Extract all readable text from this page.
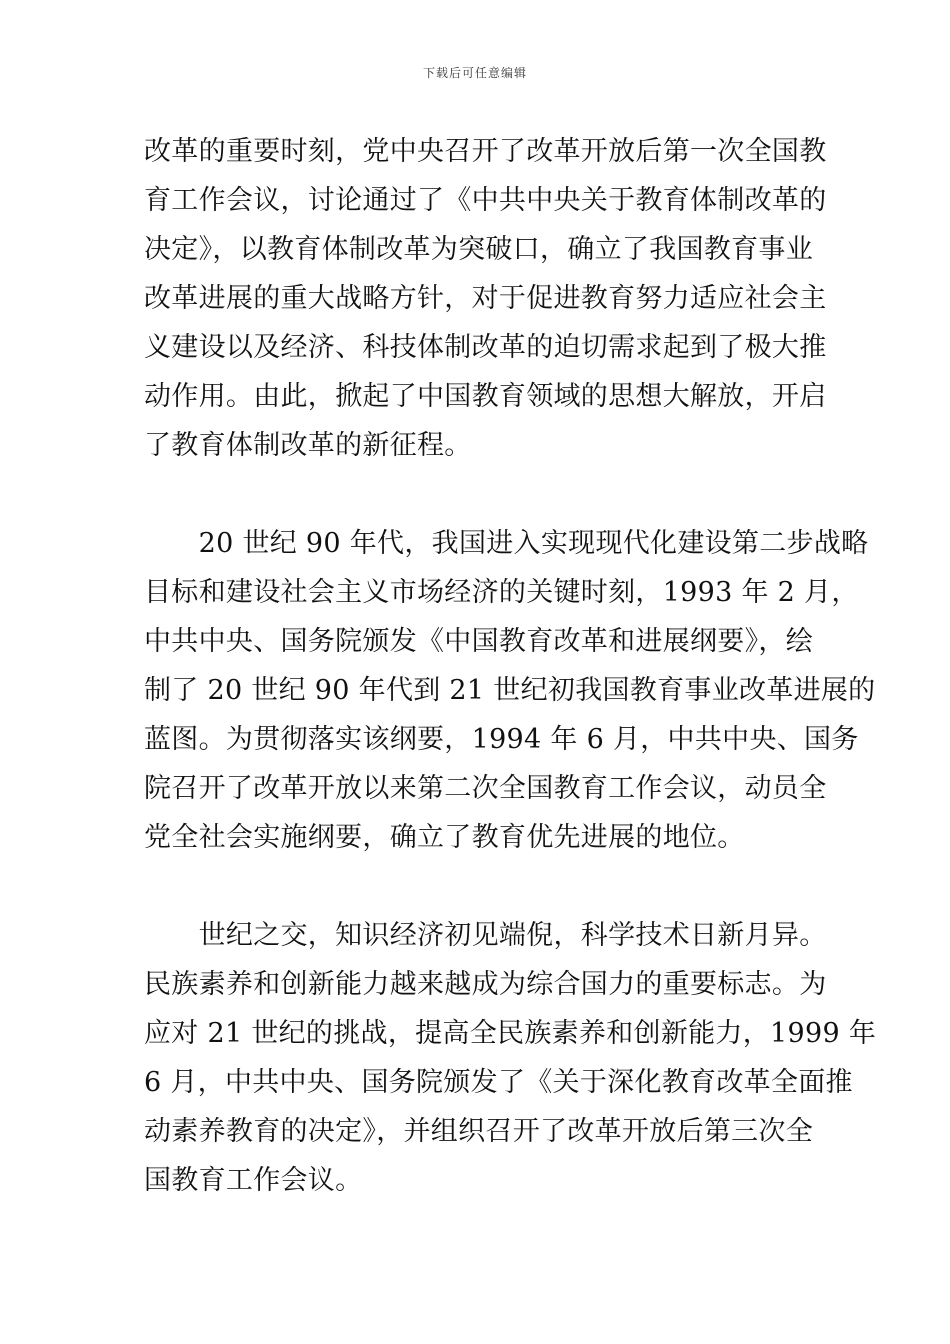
下载后可任意编辑
改革的重要时刻，党中央召开了改革开放后第一次全国教
育工作会议，讨论通过了《中共中央关于教育体制改革的
决定》，以教育体制改革为突破口，确立了我国教育事业
改革进展的重大战略方针，对于促进教育努力适应社会主
义建设以及经济、科技体制改革的迫切需求起到了极大推
动作用。由此，掀起了中国教育领域的思想大解放，开启
了教育体制改革的新征程。
　　20 世纪 90 年代，我国进入实现现代化建设第二步战略
目标和建设社会主义市场经济的关键时刻，1993 年 2 月，
中共中央、国务院颁发《中国教育改革和进展纲要》，绘
制了 20 世纪 90 年代到 21 世纪初我国教育事业改革进展的
蓝图。为贯彻落实该纲要，1994 年 6 月，中共中央、国务
院召开了改革开放以来第二次全国教育工作会议，动员全
党全社会实施纲要，确立了教育优先进展的地位。
　　世纪之交，知识经济初见端倪，科学技术日新月异。
民族素养和创新能力越来越成为综合国力的重要标志。为
应对 21 世纪的挑战，提高全民族素养和创新能力，1999 年
6 月，中共中央、国务院颁发了《关于深化教育改革全面推
动素养教育的决定》，并组织召开了改革开放后第三次全
国教育工作会议。
